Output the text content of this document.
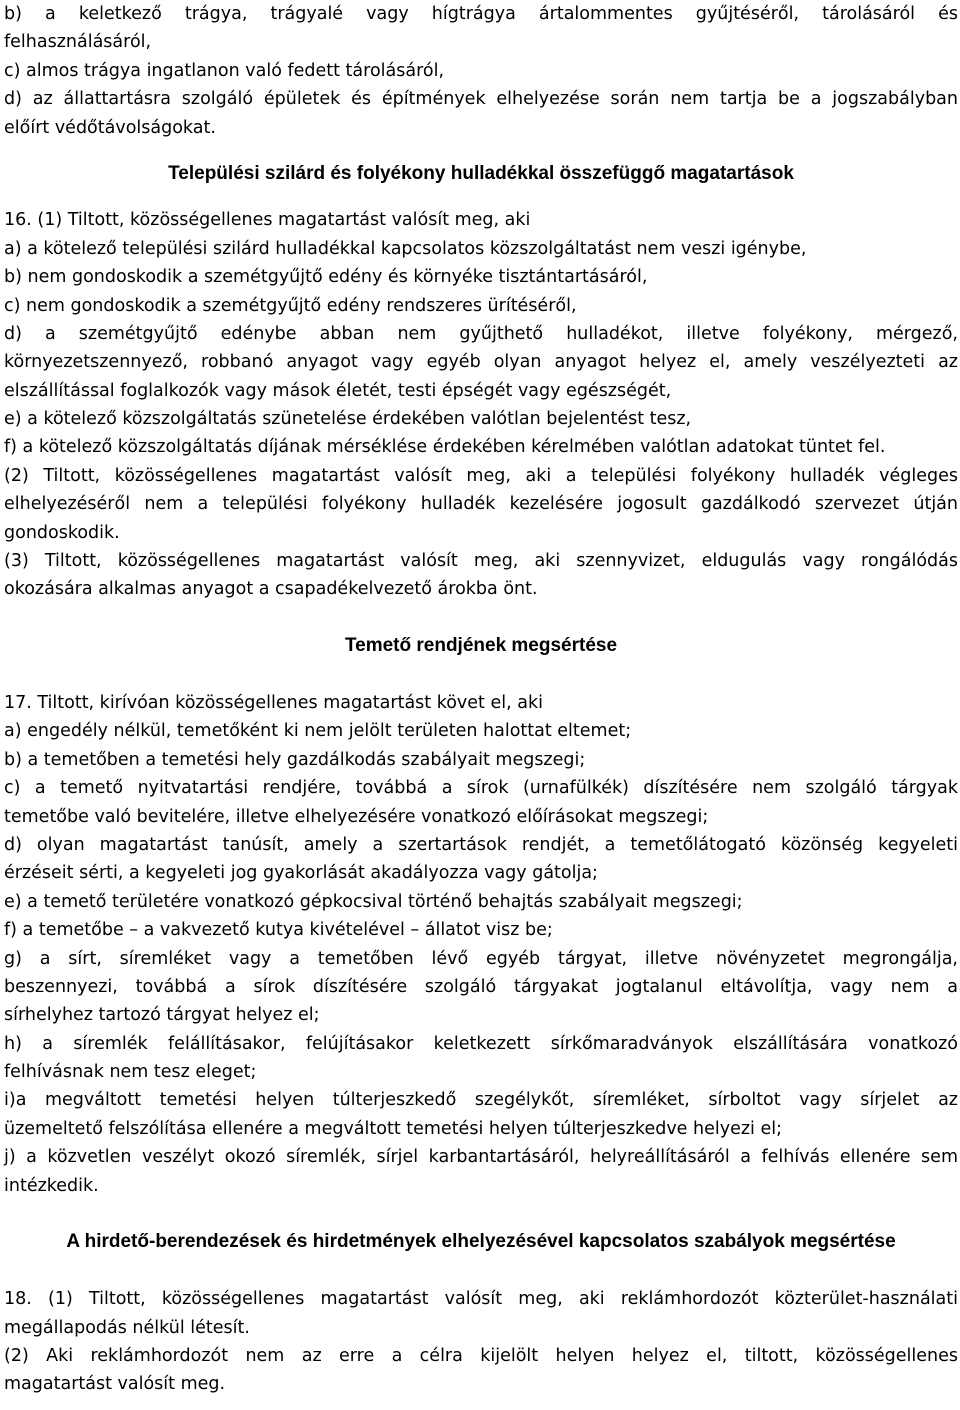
b) a keletkező trágya, trágyalé vagy hígtrágya ártalommentes gyűjtéséről, tárolásáról és
felhasználásáról,
c) almos trágya ingatlanon való fedett tárolásáról,
d) az állattartásra szolgáló épületek és építmények elhelyezése során nem tartja be a jogszabályban
előírt védőtávolságokat.

Települési szilárd és folyékony hulladékkal összefüggő magatartások

16. (1) Tiltott, közösségellenes magatartást valósít meg, aki
a) a kötelező települési szilárd hulladékkal kapcsolatos közszolgáltatást nem veszi igénybe,
b) nem gondoskodik a szemétgyűjtő edény és környéke tisztántartásáról,
c) nem gondoskodik a szemétgyűjtő edény rendszeres ürítéséről,
d) a szemétgyűjtő edénybe abban nem gyűjthető hulladékot, illetve folyékony, mérgező,
környezetszennyező, robbanó anyagot vagy egyéb olyan anyagot helyez el, amely veszélyezteti az
elszállítással foglalkozók vagy mások életét, testi épségét vagy egészségét,
e) a kötelező közszolgáltatás szünetelése érdekében valótlan bejelentést tesz,
f) a kötelező közszolgáltatás díjának mérséklése érdekében kérelmében valótlan adatokat tüntet fel.
(2) Tiltott, közösségellenes magatartást valósít meg, aki a települési folyékony hulladék végleges
elhelyezéséről nem a települési folyékony hulladék kezelésére jogosult gazdálkodó szervezet útján
gondoskodik.
(3) Tiltott, közösségellenes magatartást valósít meg, aki szennyvizet, eldugulás vagy rongálódás
okozására alkalmas anyagot a csapadékelvezető árokba önt.

Temető rendjének megsértése

17. Tiltott, kirívóan közösségellenes magatartást követ el, aki
a) engedély nélkül, temetőként ki nem jelölt területen halottat eltemet;
b) a temetőben a temetési hely gazdálkodás szabályait megszegi;
c) a temető nyitvatartási rendjére, továbbá a sírok (urnafülkék) díszítésére nem szolgáló tárgyak
temetőbe való bevitelére, illetve elhelyezésére vonatkozó előírásokat megszegi;
d) olyan magatartást tanúsít, amely a szertartások rendjét, a temetőlátogató közönség kegyeleti
érzéseit sérti, a kegyeleti jog gyakorlását akadályozza vagy gátolja;
e) a temető területére vonatkozó gépkocsival történő behajtás szabályait megszegi;
f) a temetőbe – a vakvezető kutya kivételével – állatot visz be;
g) a sírt, síremléket vagy a temetőben lévő egyéb tárgyat, illetve növényzetet megrongálja,
beszennyezi, továbbá a sírok díszítésére szolgáló tárgyakat jogtalanul eltávolítja, vagy nem a
sírhelyhez tartozó tárgyat helyez el;
h) a síremlék felállításakor, felújításakor keletkezett sírkőmaradványok elszállítására vonatkozó
felhívásnak nem tesz eleget;
i)a megváltott temetési helyen túlterjeszkedő szegélykőt, síremléket, sírboltot vagy sírjelet az
üzemeltető felszólítása ellenére a megváltott temetési helyen túlterjeszkedve helyezi el;
j) a közvetlen veszélyt okozó síremlék, sírjel karbantartásáról, helyreállításáról a felhívás ellenére sem
intézkedik.

A hirdető-berendezések és hirdetmények elhelyezésével kapcsolatos szabályok megsértése

18. (1) Tiltott, közösségellenes magatartást valósít meg, aki reklámhordozót közterület-használati
megállapodás nélkül létesít.
(2) Aki reklámhordozót nem az erre a célra kijelölt helyen helyez el, tiltott, közösségellenes
magatartást valósít meg.
